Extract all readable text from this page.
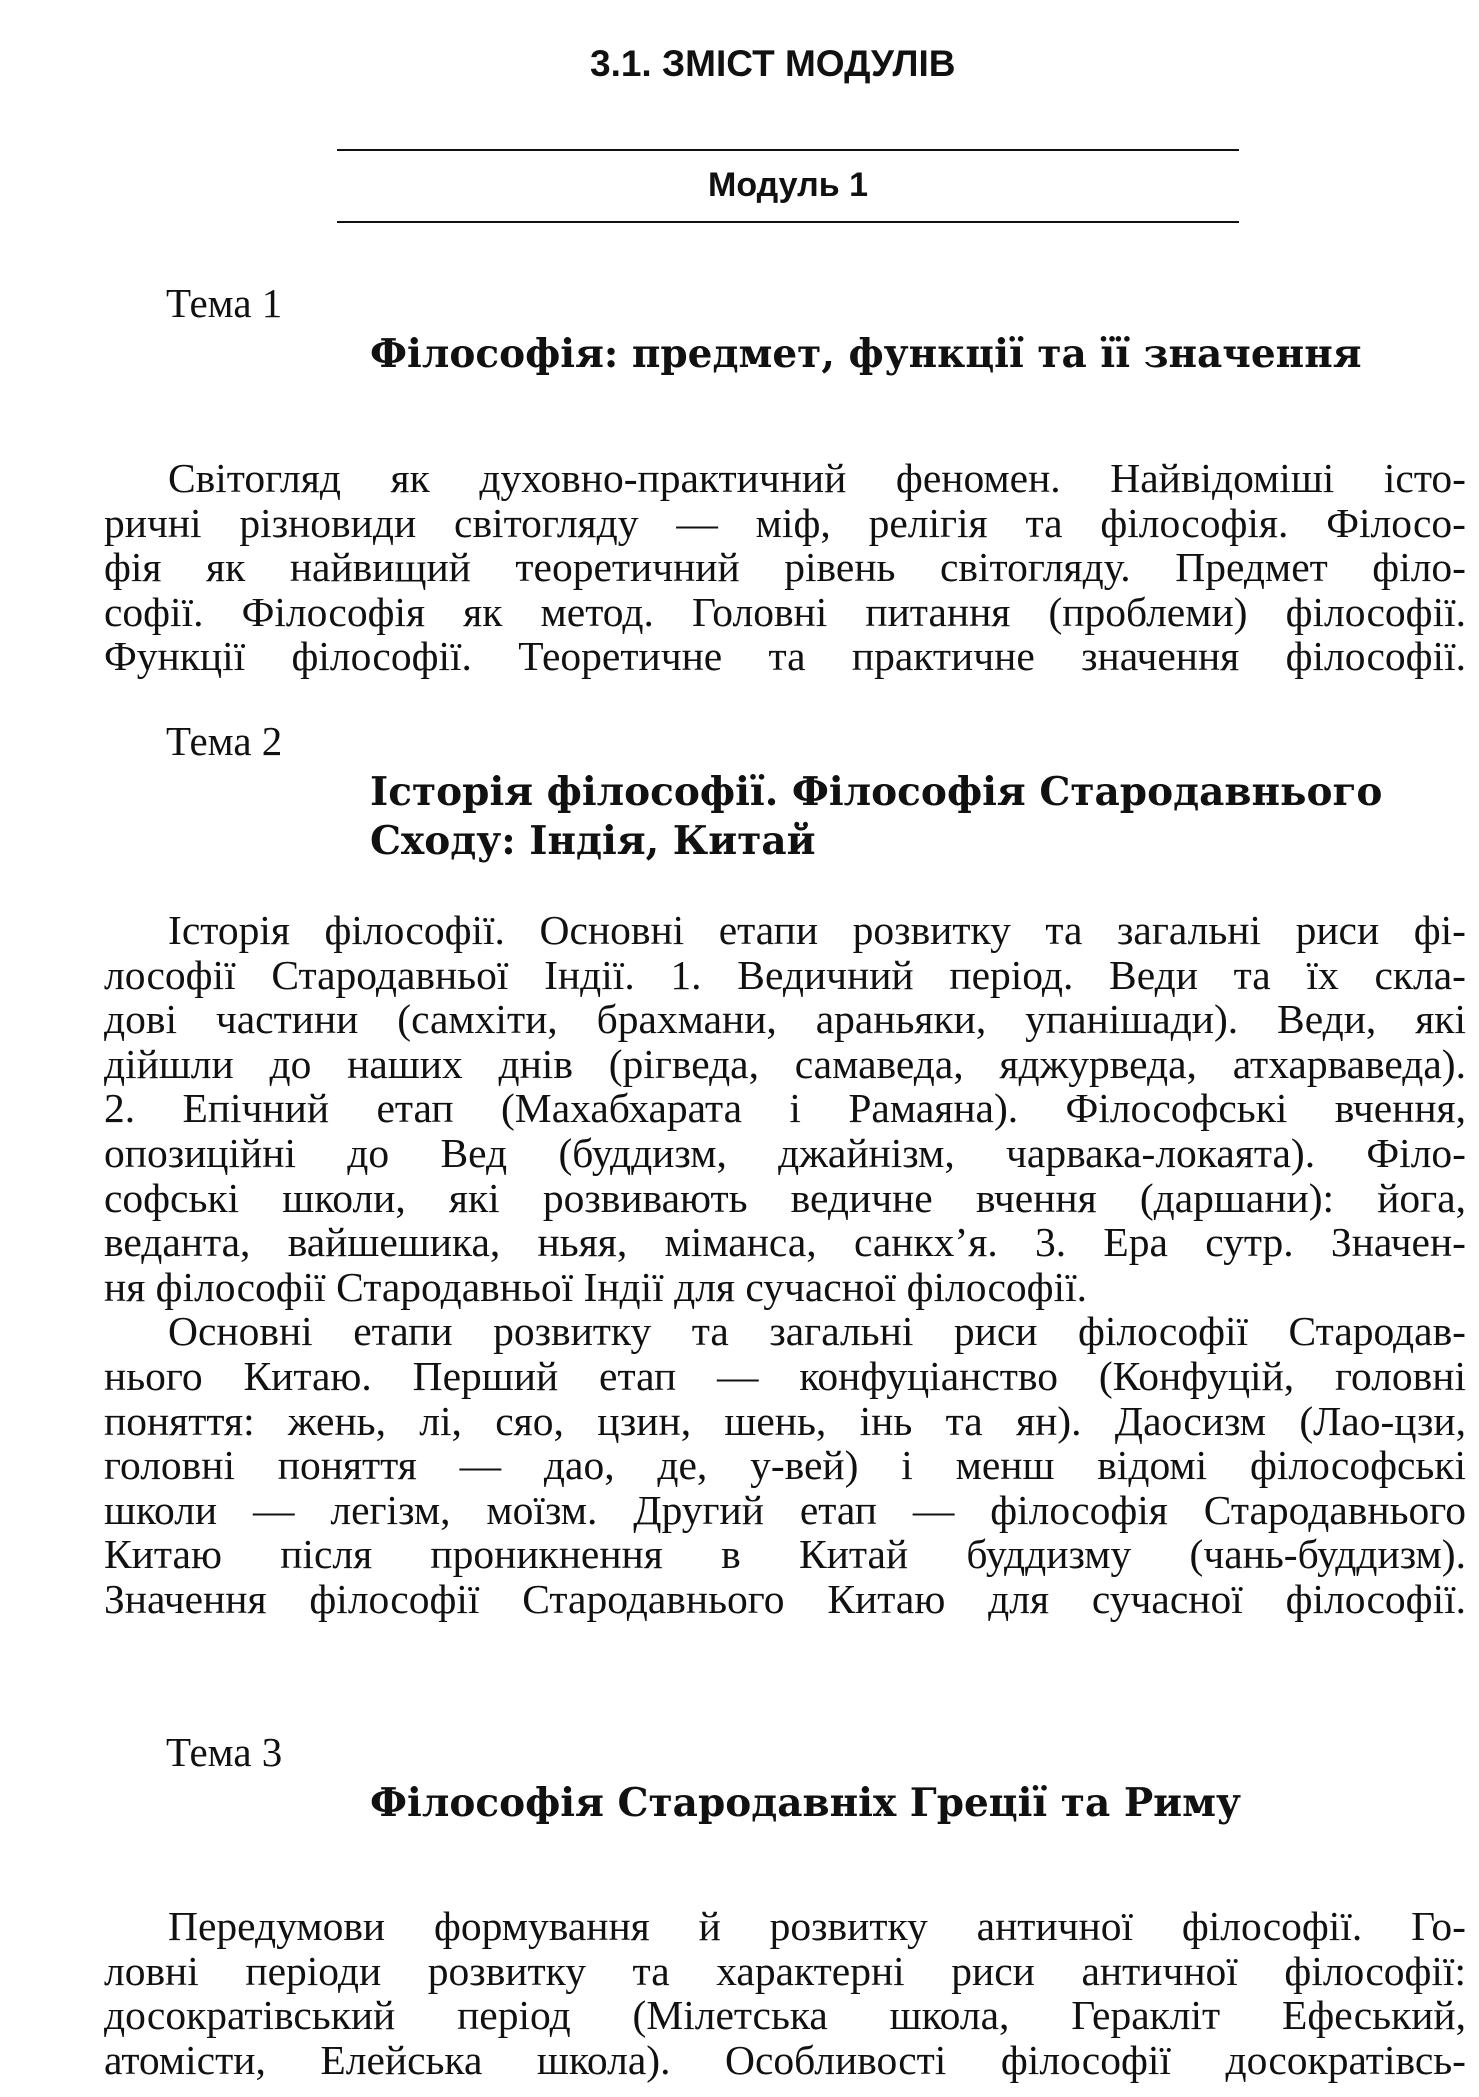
3.1. ЗМІСТ МОДУЛІВ
Модуль 1
Тема 1
Філософія: предмет, функції та її значення
Світогляд як духовно-практичний феномен. Найвідоміші істо-
ричні різновиди світогляду — міф, релігія та філософія. Філосо-
фія як найвищий теоретичний рівень світогляду. Предмет філо-
софії. Філософія як метод. Головні питання (проблеми) філософії.
Функції філософії. Теоретичне та практичне значення філософії.
Тема 2
Історія філософії. Філософія Стародавнього
Сходу: Індія, Китай
Історія філософії. Основні етапи розвитку та загальні риси фі-
лософії Стародавньої Індії. 1. Ведичний період. Веди та їх скла-
дові частини (самхіти, брахмани, араньяки, упанішади). Веди, які
дійшли до наших днів (рігведа, самаведа, яджурведа, атхарваведа).
2. Епічний етап (Махабхарата і Рамаяна). Філософські вчення,
опозиційні до Вед (буддизм, джайнізм, чарвака-локаята). Філо-
софські школи, які розвивають ведичне вчення (даршани): йога,
веданта, вайшешика, ньяя, міманса, санкх’я. 3. Ера сутр. Значен-
ня філософії Стародавньої Індії для сучасної філософії.
Основні етапи розвитку та загальні риси філософії Стародав-
нього Китаю. Перший етап — конфуціанство (Конфуцій, головні
поняття: жень, лі, сяо, цзин, шень, інь та ян). Даосизм (Лао-цзи,
головні поняття — дао, де, у-вей) і менш відомі філософські
школи — легізм, моїзм. Другий етап — філософія Стародавнього
Китаю після проникнення в Китай буддизму (чань-буддизм).
Значення філософії Стародавнього Китаю для сучасної філософії.
Тема 3
Філософія Стародавніх Греції та Риму
Передумови формування й розвитку античної філософії. Го-
ловні періоди розвитку та характерні риси античної філософії:
досократівський період (Мілетська школа, Геракліт Ефеський,
атомісти, Елейська школа). Особливості філософії досократівсь-
